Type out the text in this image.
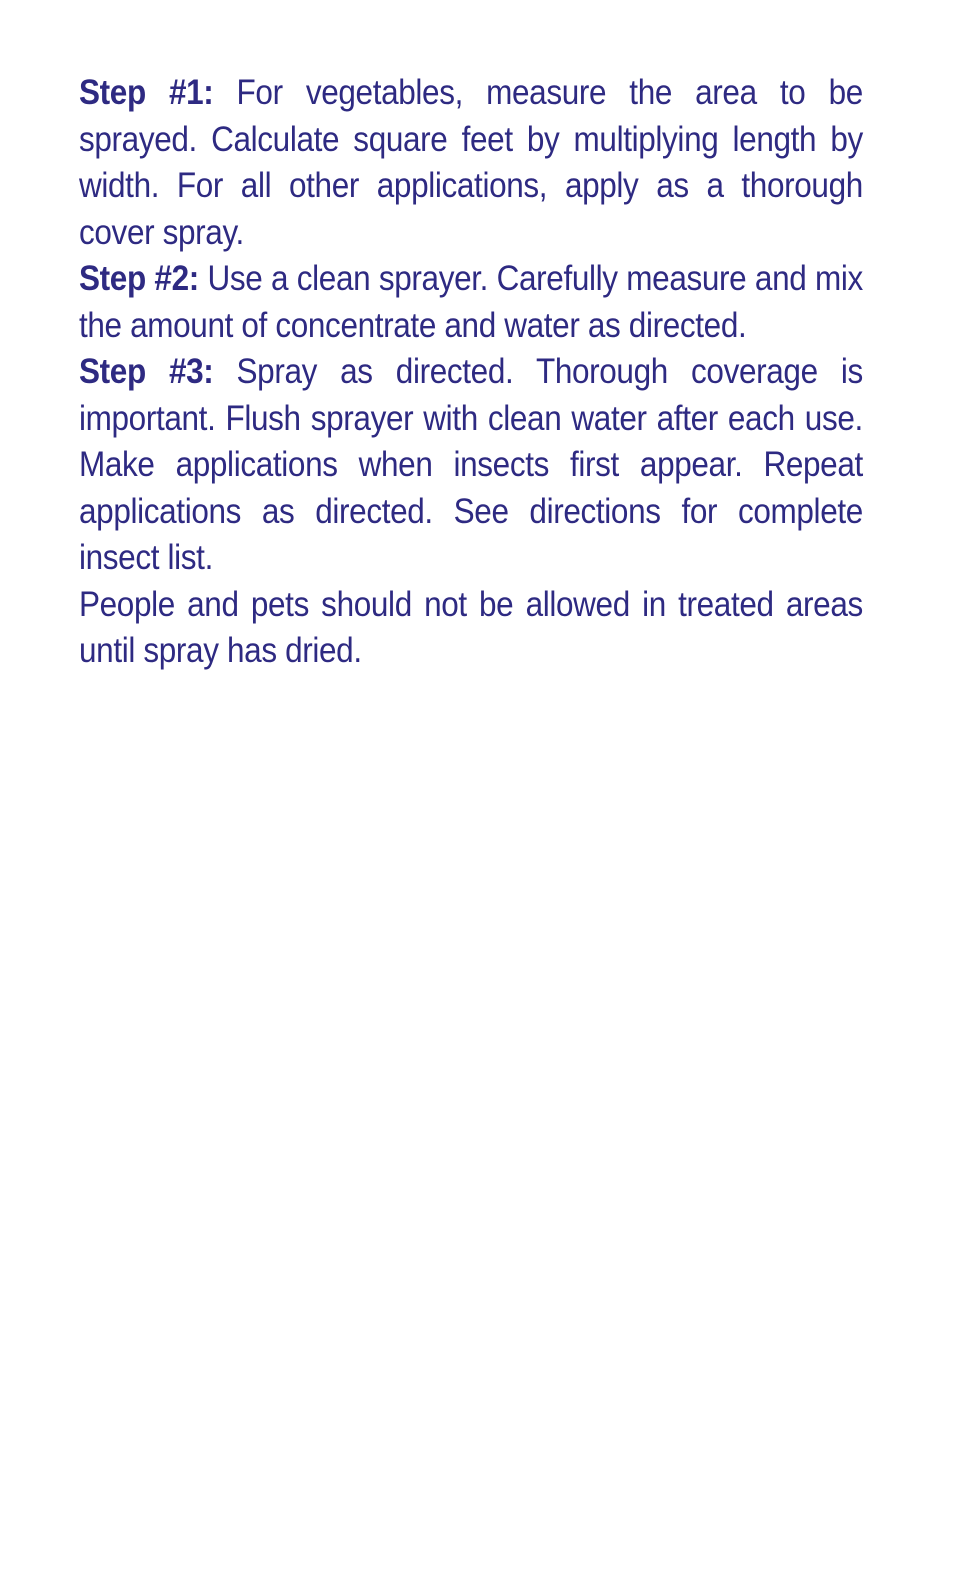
Step #1: For vegetables, measure the area to be sprayed. Calculate square feet by multiplying length by width. For all other applications, apply as a thorough cover spray.

Step #2: Use a clean sprayer. Carefully measure and mix the amount of concentrate and water as directed.

Step #3: Spray as directed. Thorough coverage is important. Flush sprayer with clean water after each use. Make applications when insects first appear. Repeat applications as directed. See directions for complete insect list.

People and pets should not be allowed in treated areas until spray has dried.
